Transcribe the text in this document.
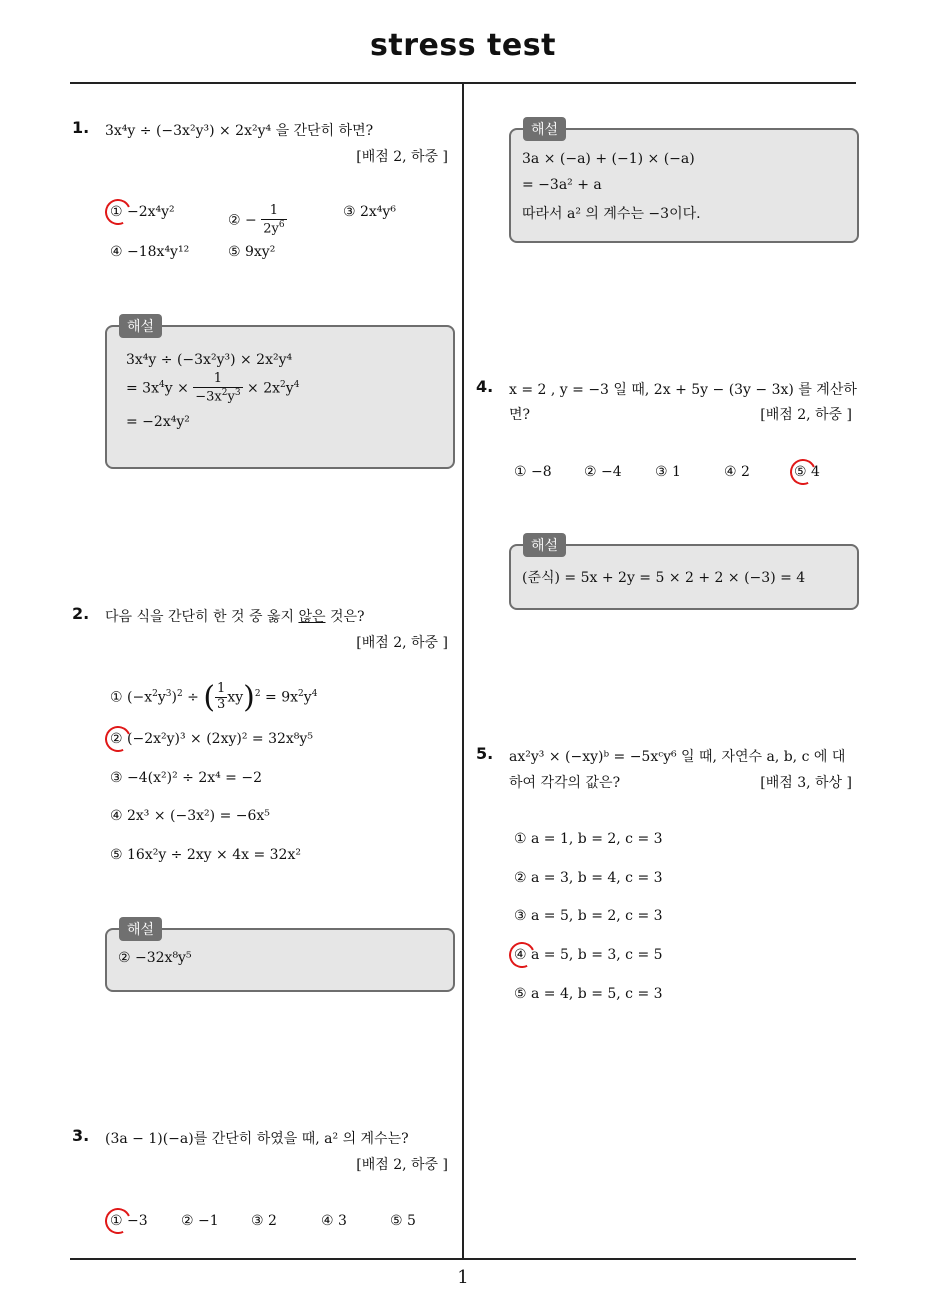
stress test
1
1. 3x⁴y ÷ (−3x²y³) × 2x²y⁴ 을 간단히 하면?
[배점 2, 하중 ]
① −2x⁴y²
② − $\frac{1}{2y^6}$	③ 2x⁴y⁶
④ −18x⁴y¹²	⑤ 9xy²
해설
3x⁴y ÷ (−3x²y³) × 2x²y⁴
= $3x^4y \times \frac{1}{-3x^2y^3} \times 2x^2y^4$
= −2x⁴y²
2. 다음 식을 간단히 한 것 중 옳지 않은 것은?
[배점 2, 하중 ]
① $(-x^2y^3)^2$ ÷ ( $\frac{1}{3} xy)^2 = 9x^2y^4$
② (−2x²y)³ × (2xy)² = 32x⁸y⁵
③ −4(x²)² ÷ 2x⁴ = −2
④ 2x³ × (−3x²) = −6x⁵
⑤ 16x²y ÷ 2xy × 4x = 32x²
해설
② −32x⁸y⁵
3. (3a − 1)(−a)를 간단히 하였을 때, a² 의 계수는?
[배점 2, 하중 ]
① −3 ② −1 ③ 2	④ 3	⑤ 5
해설
3a × (−a) + (−1) × (−a)
= −3a² + a
따라서 a² 의 계수는 −3이다.
4. x = 2 , y = −3 일 때, 2x + 5y − (3y − 3x) 를 계산하
면?	[배점 2, 하중 ]
① −8 ② −4 ③ 1	④ 2	⑤ 4
해설
(준식) = 5x + 2y = 5 × 2 + 2 × (−3) = 4
5. ax²y³ × (−xy)ᵇ = −5xᶜy⁶ 일 때, 자연수 a, b, c 에 대
하여 각각의 값은?	[배점 3, 하상 ]
① a = 1, b = 2, c = 3
② a = 3, b = 4, c = 3
③ a = 5, b = 2, c = 3
④ a = 5, b = 3, c = 5
⑤ a = 4, b = 5, c = 3
